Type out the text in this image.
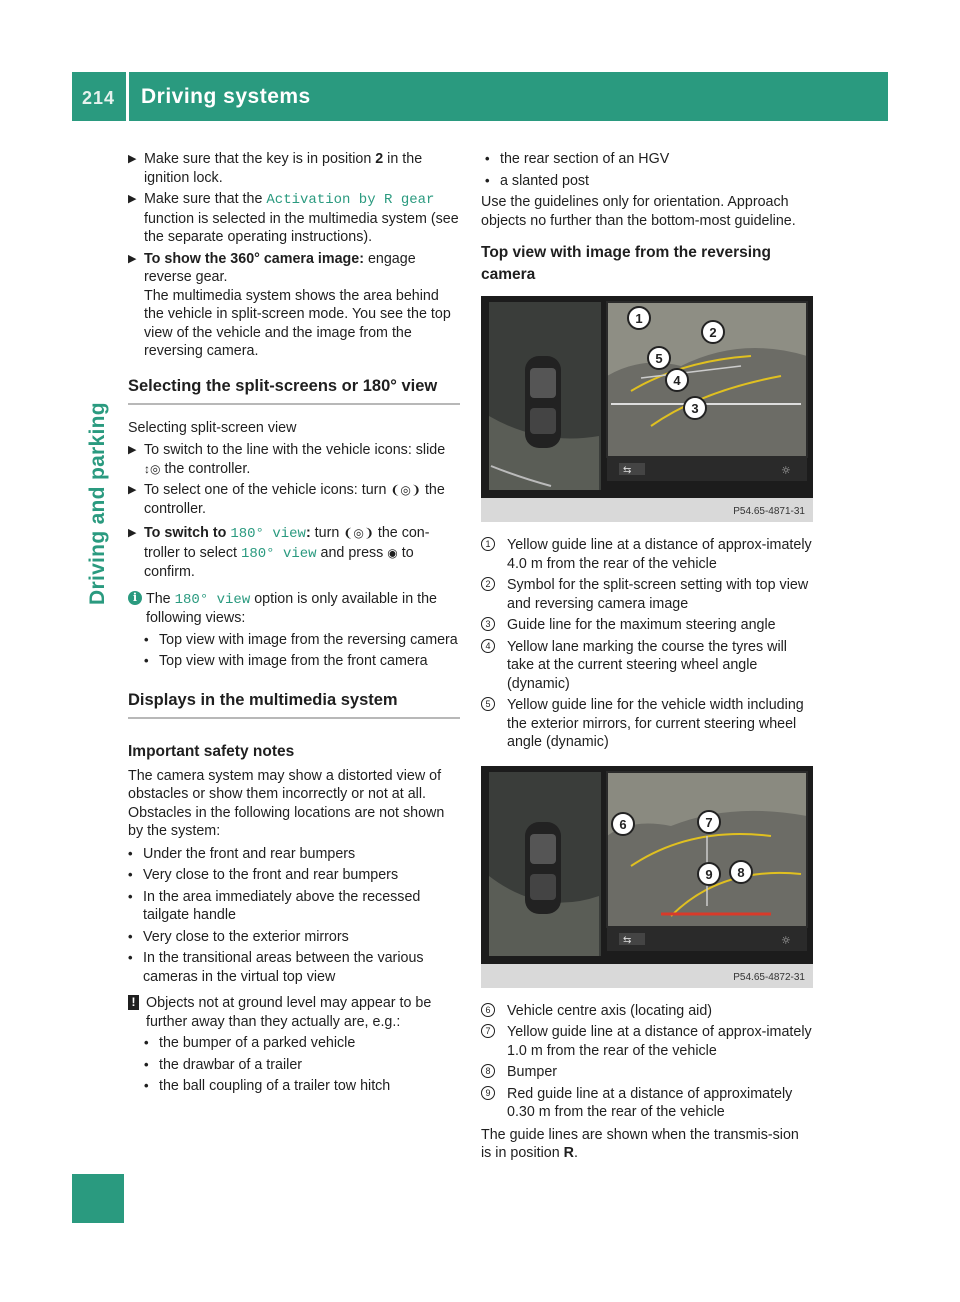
214 Driving systems
Driving and parking
▶ Make sure that the key is in position 2 in the ignition lock.
▶ Make sure that the Activation by R gear function is selected in the multimedia system (see the separate operating instructions).
▶ To show the 360° camera image: engage reverse gear.
The multimedia system shows the area behind the vehicle in split-screen mode. You see the top view of the vehicle and the image from the reversing camera.
Selecting the split-screens or 180° view
Selecting split-screen view
▶ To switch to the line with the vehicle icons: slide ↕◎ the controller.
▶ To select one of the vehicle icons: turn ❨◎❩ the controller.
▶ To switch to 180° view: turn ❨◎❩ the con-troller to select 180° view and press ◉ to confirm.
i The 180° view option is only available in the following views:
• Top view with image from the reversing camera
• Top view with image from the front camera
Displays in the multimedia system
Important safety notes
The camera system may show a distorted view of obstacles or show them incorrectly or not at all. Obstacles in the following locations are not shown by the system:
• Under the front and rear bumpers
• Very close to the front and rear bumpers
• In the area immediately above the recessed tailgate handle
• Very close to the exterior mirrors
• In the transitional areas between the various cameras in the virtual top view
! Objects not at ground level may appear to be further away than they actually are, e.g.:
• the bumper of a parked vehicle
• the drawbar of a trailer
• the ball coupling of a trailer tow hitch
• the rear section of an HGV
• a slanted post
Use the guidelines only for orientation. Approach objects no further than the bottom-most guideline.
Top view with image from the reversing camera
⇆	☼
1
2
5
4
3
P54.65-4871-31
1	Yellow guide line at a distance of approx-imately 4.0 m from the rear of the vehicle
2	Symbol for the split-screen setting with top view and reversing camera image
3	Guide line for the maximum steering angle
4	Yellow lane marking the course the tyres will take at the current steering wheel angle (dynamic)
5	Yellow guide line for the vehicle width including the exterior mirrors, for current steering wheel angle (dynamic)
⇆	☼
6	7
9 8
P54.65-4872-31
6	Vehicle centre axis (locating aid)
7	Yellow guide line at a distance of approx-imately 1.0 m from the rear of the vehicle
8	Bumper
9	Red guide line at a distance of approximately 0.30 m from the rear of the vehicle
The guide lines are shown when the transmis-sion is in position R.
